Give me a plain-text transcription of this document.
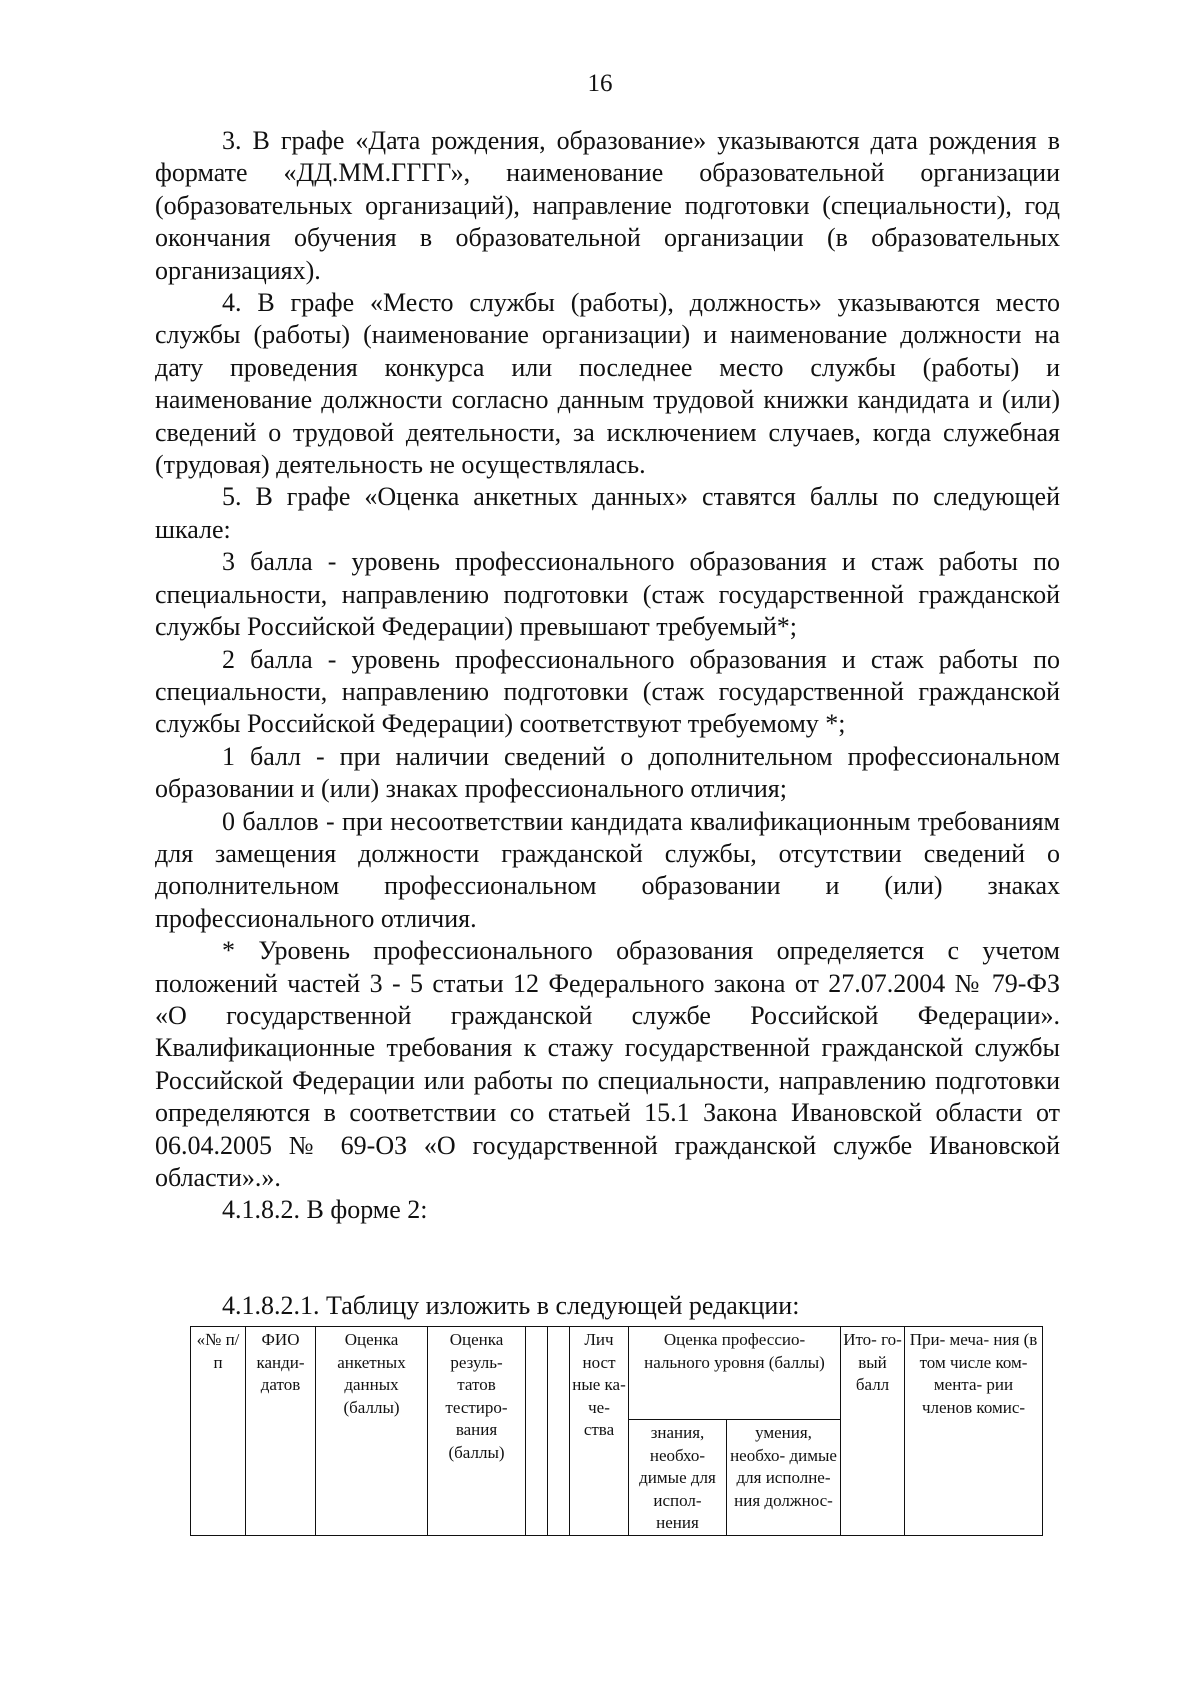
16

3. В графе «Дата рождения, образование» указываются дата рождения в формате «ДД.ММ.ГГГГ», наименование образовательной организации (образовательных организаций), направление подготовки (специальности), год окончания обучения в образовательной организации (в образовательных организациях).

4. В графе «Место службы (работы), должность» указываются место службы (работы) (наименование организации) и наименование должности на дату проведения конкурса или последнее место службы (работы) и наименование должности согласно данным трудовой книжки кандидата и (или) сведений о трудовой деятельности, за исключением случаев, когда служебная (трудовая) деятельность не осуществлялась.

5. В графе «Оценка анкетных данных» ставятся баллы по следующей шкале:

3 балла - уровень профессионального образования и стаж работы по специальности, направлению подготовки (стаж государственной гражданской службы Российской Федерации) превышают требуемый*;

2 балла - уровень профессионального образования и стаж работы по специальности, направлению подготовки (стаж государственной гражданской службы Российской Федерации) соответствуют требуемому *;

1 балл - при наличии сведений о дополнительном профессиональном образовании и (или) знаках профессионального отличия;

0 баллов - при несоответствии кандидата квалификационным требованиям для замещения должности гражданской службы, отсутствии сведений о дополнительном профессиональном образовании и (или) знаках профессионального отличия.

* Уровень профессионального образования определяется с учетом положений частей 3 - 5 статьи 12 Федерального закона от 27.07.2004 № 79-ФЗ «О государственной гражданской службе Российской Федерации». Квалификационные требования к стажу государственной гражданской службы Российской Федерации или работы по специальности, направлению подготовки определяются в соответствии со статьей 15.1 Закона Ивановской области от 06.04.2005 № 69-ОЗ «О государственной гражданской службе Ивановской области».».

4.1.8.2. В форме 2:

4.1.8.2.1. Таблицу изложить в следующей редакции:
«№ п/п	ФИО канди- датов	Оценка анкетных данных (баллы)	Оценка резуль- татов тестиро- вания (баллы)			Лич ност ные ка- че- ства	Оценка профессио- нального уровня (баллы)		Ито- го- вый балл	При- меча- ния (в том числе ком- мента- рии членов комис-
							знания, необхо- димые для испол- нения	умения, необхо- димые для исполне- ния должнос-		
